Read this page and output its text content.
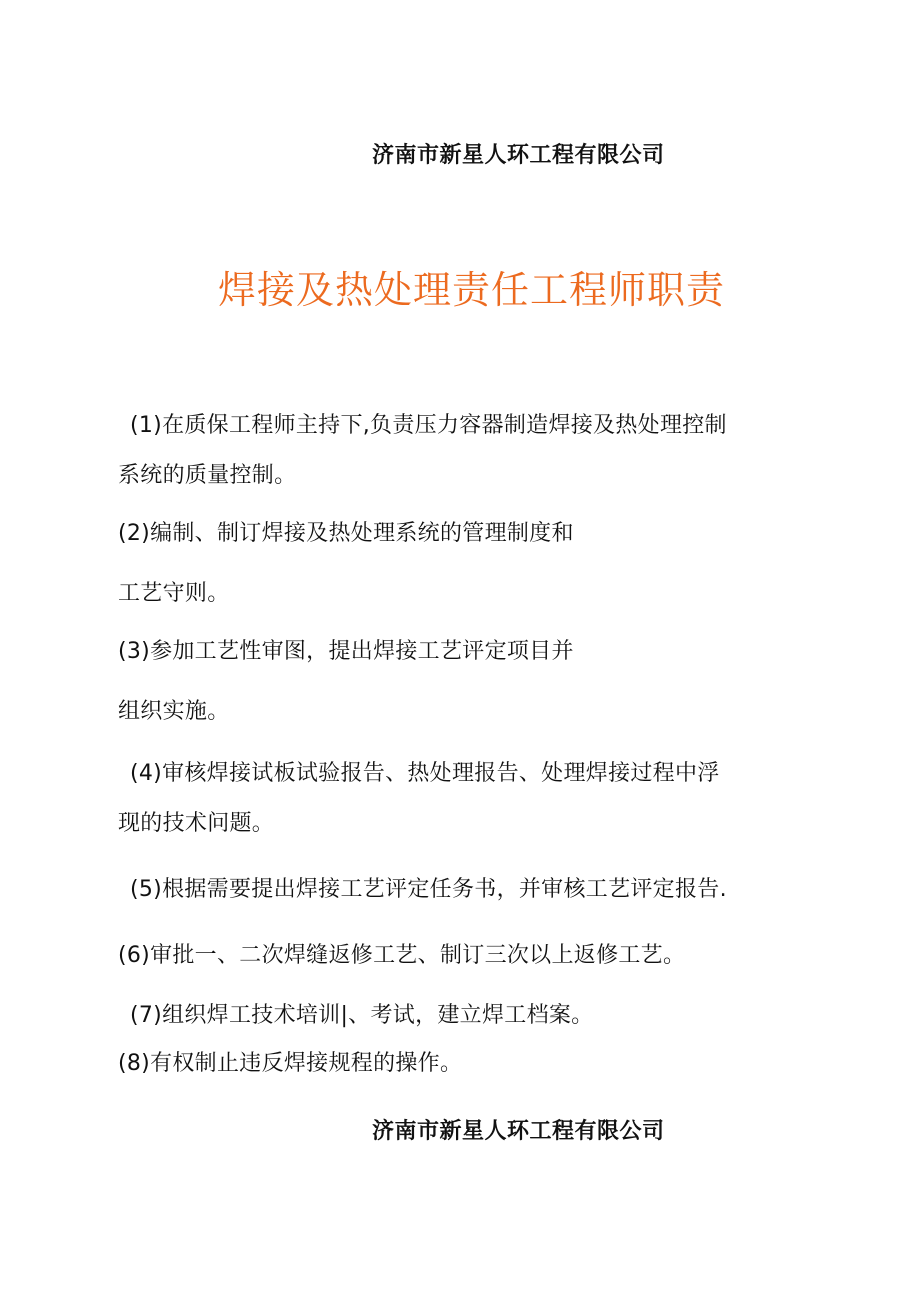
济南市新星人环工程有限公司
焊接及热处理责任工程师职责
(1)在质保工程师主持下,负责压力容器制造焊接及热处理控制
系统的质量控制。
(2)编制、制订焊接及热处理系统的管理制度和
工艺守则。
(3)参加工艺性审图，提出焊接工艺评定项目并
组织实施。
(4)审核焊接试板试验报告、热处理报告、处理焊接过程中浮
现的技术问题。
(5)根据需要提出焊接工艺评定任务书，并审核工艺评定报告.
(6)审批一、二次焊缝返修工艺、制订三次以上返修工艺。
(7)组织焊工技术培训|、考试，建立焊工档案。
(8)有权制止违反焊接规程的操作。
济南市新星人环工程有限公司
